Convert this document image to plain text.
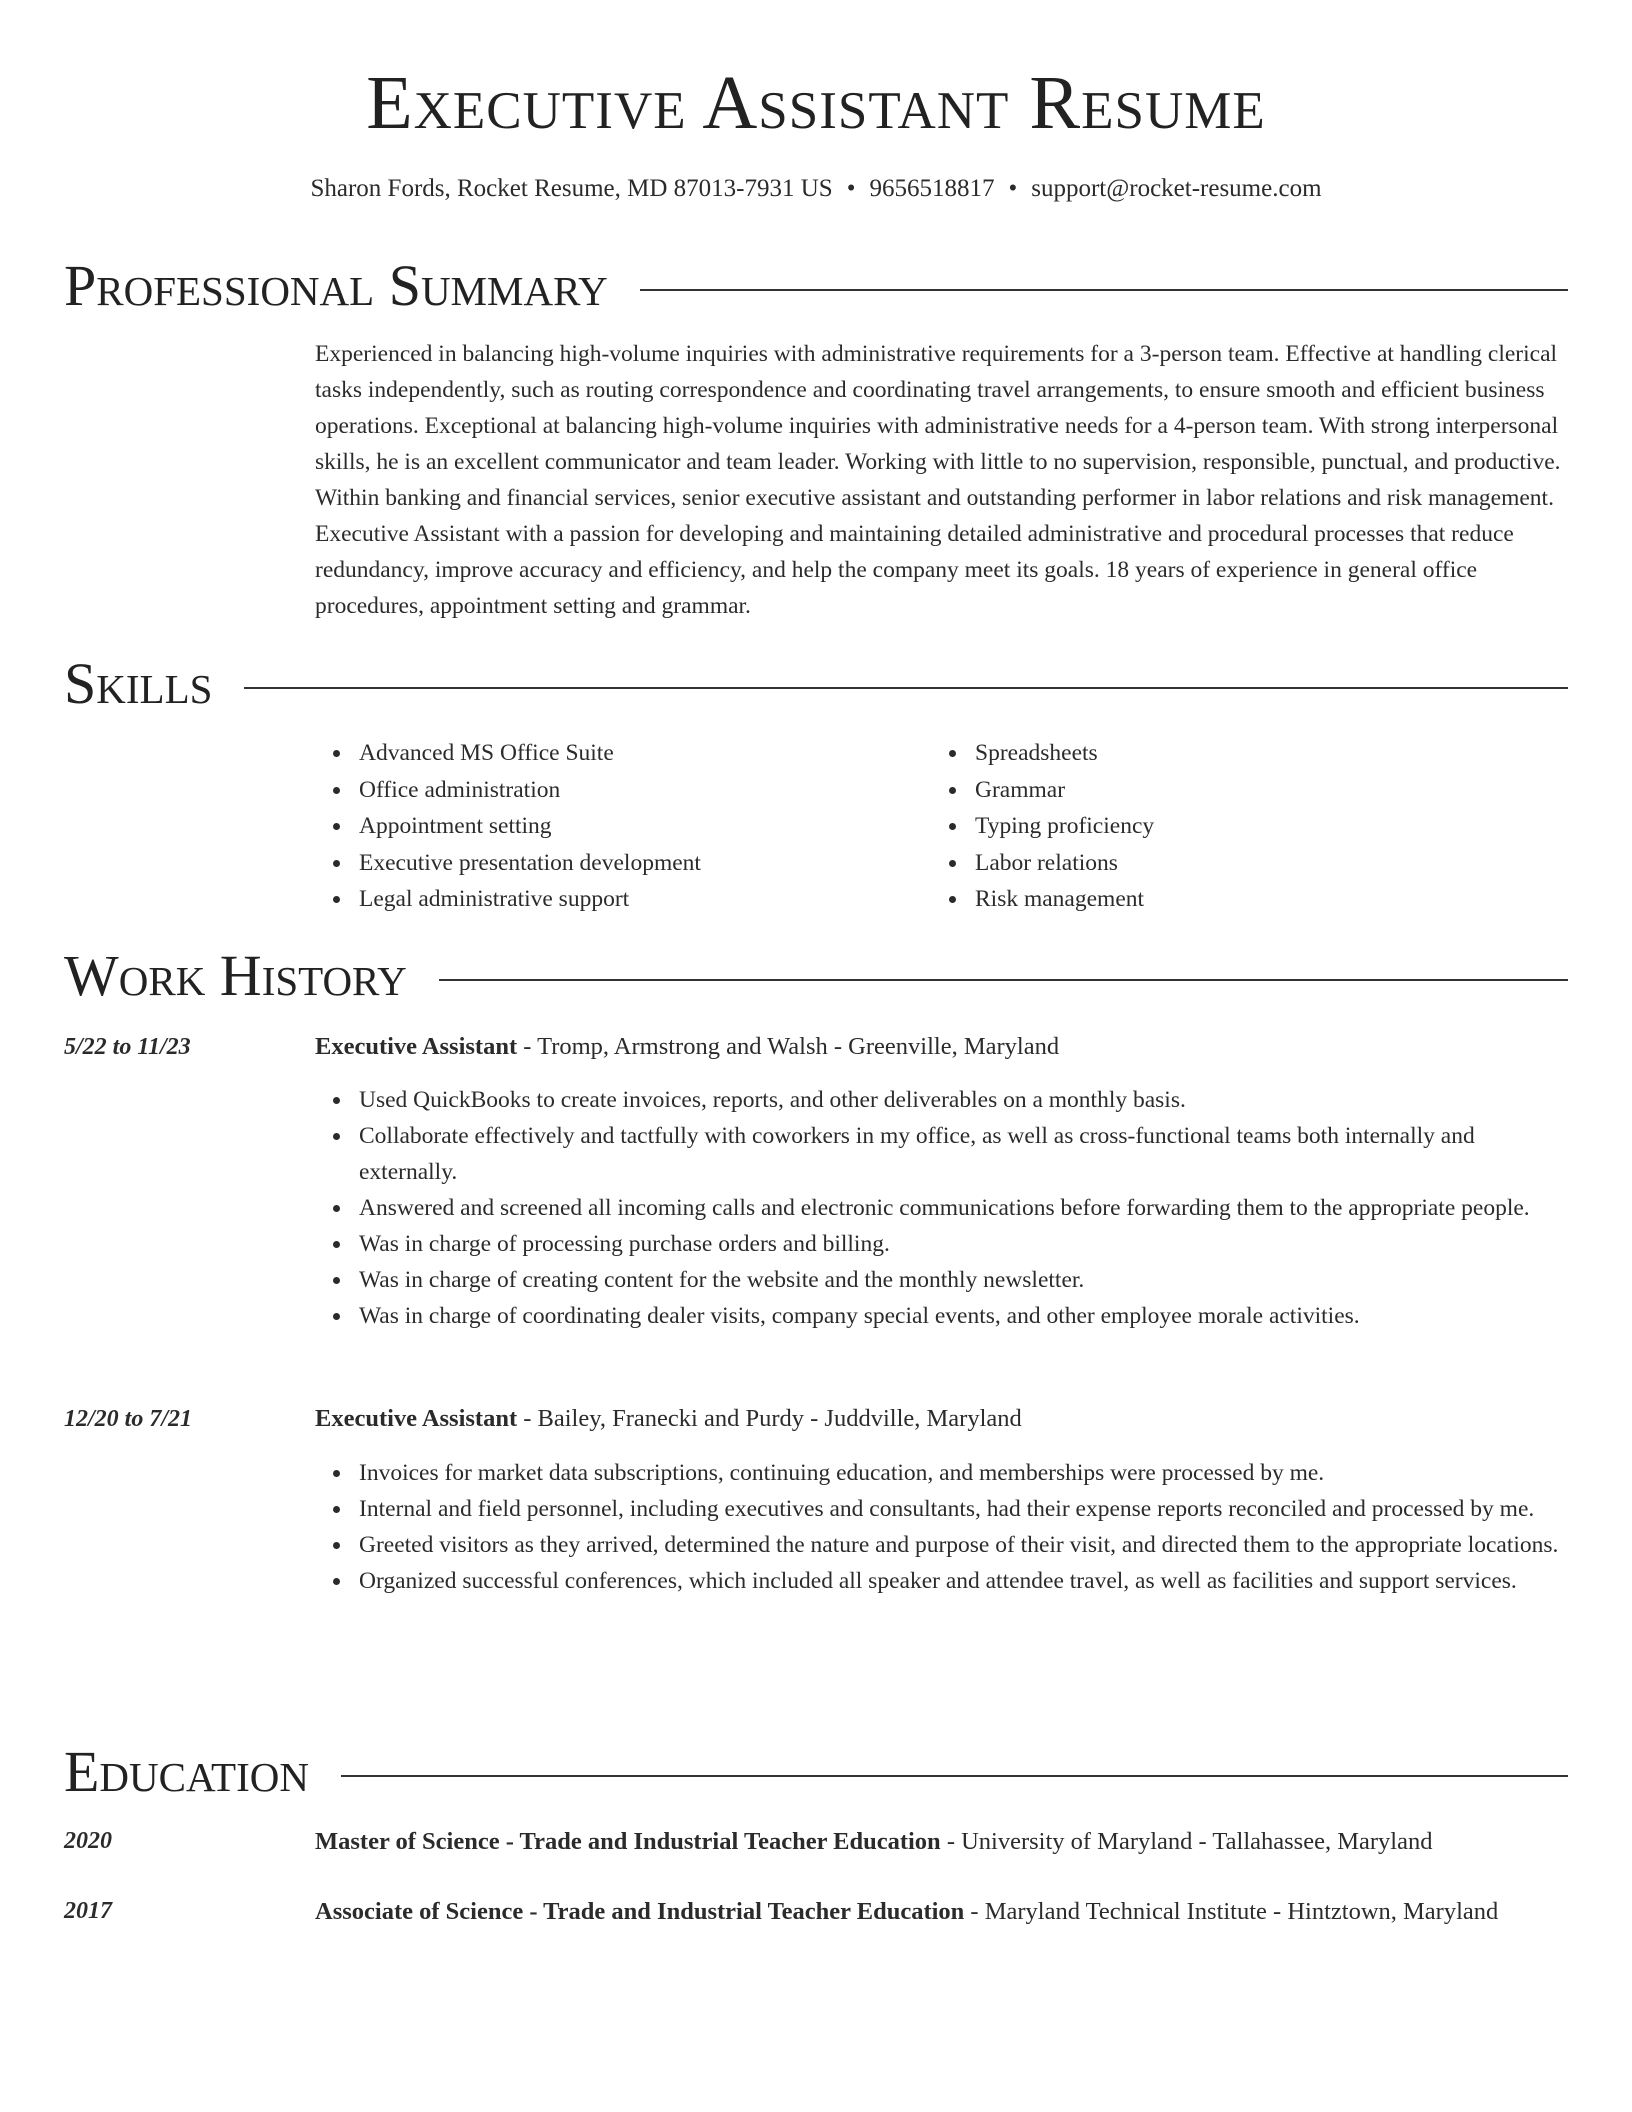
Executive Assistant Resume
Sharon Fords, Rocket Resume, MD 87013-7931 US • 9656518817 • support@rocket-resume.com
Professional Summary

Experienced in balancing high-volume inquiries with administrative requirements for a 3-person team. Effective at handling clerical tasks independently, such as routing correspondence and coordinating travel arrangements, to ensure smooth and efficient business operations. Exceptional at balancing high-volume inquiries with administrative needs for a 4-person team. With strong interpersonal skills, he is an excellent communicator and team leader. Working with little to no supervision, responsible, punctual, and productive. Within banking and financial services, senior executive assistant and outstanding performer in labor relations and risk management. Executive Assistant with a passion for developing and maintaining detailed administrative and procedural processes that reduce redundancy, improve accuracy and efficiency, and help the company meet its goals. 18 years of experience in general office procedures, appointment setting and grammar.

Skills
Advanced MS Office Suite
Office administration
Appointment setting
Executive presentation development
Legal administrative support
Spreadsheets
Grammar
Typing proficiency
Labor relations
Risk management
Work History
5/22 to 11/23	Executive Assistant - Tromp, Armstrong and Walsh - Greenville, Maryland
Used QuickBooks to create invoices, reports, and other deliverables on a monthly basis.
Collaborate effectively and tactfully with coworkers in my office, as well as cross-functional teams both internally and externally.
Answered and screened all incoming calls and electronic communications before forwarding them to the appropriate people.
Was in charge of processing purchase orders and billing.
Was in charge of creating content for the website and the monthly newsletter.
Was in charge of coordinating dealer visits, company special events, and other employee morale activities.
12/20 to 7/21	Executive Assistant - Bailey, Franecki and Purdy - Juddville, Maryland
Invoices for market data subscriptions, continuing education, and memberships were processed by me.
Internal and field personnel, including executives and consultants, had their expense reports reconciled and processed by me.
Greeted visitors as they arrived, determined the nature and purpose of their visit, and directed them to the appropriate locations.
Organized successful conferences, which included all speaker and attendee travel, as well as facilities and support services.
Education
2020	Master of Science - Trade and Industrial Teacher Education - University of Maryland - Tallahassee, Maryland
2017	Associate of Science - Trade and Industrial Teacher Education - Maryland Technical Institute - Hintztown, Maryland
